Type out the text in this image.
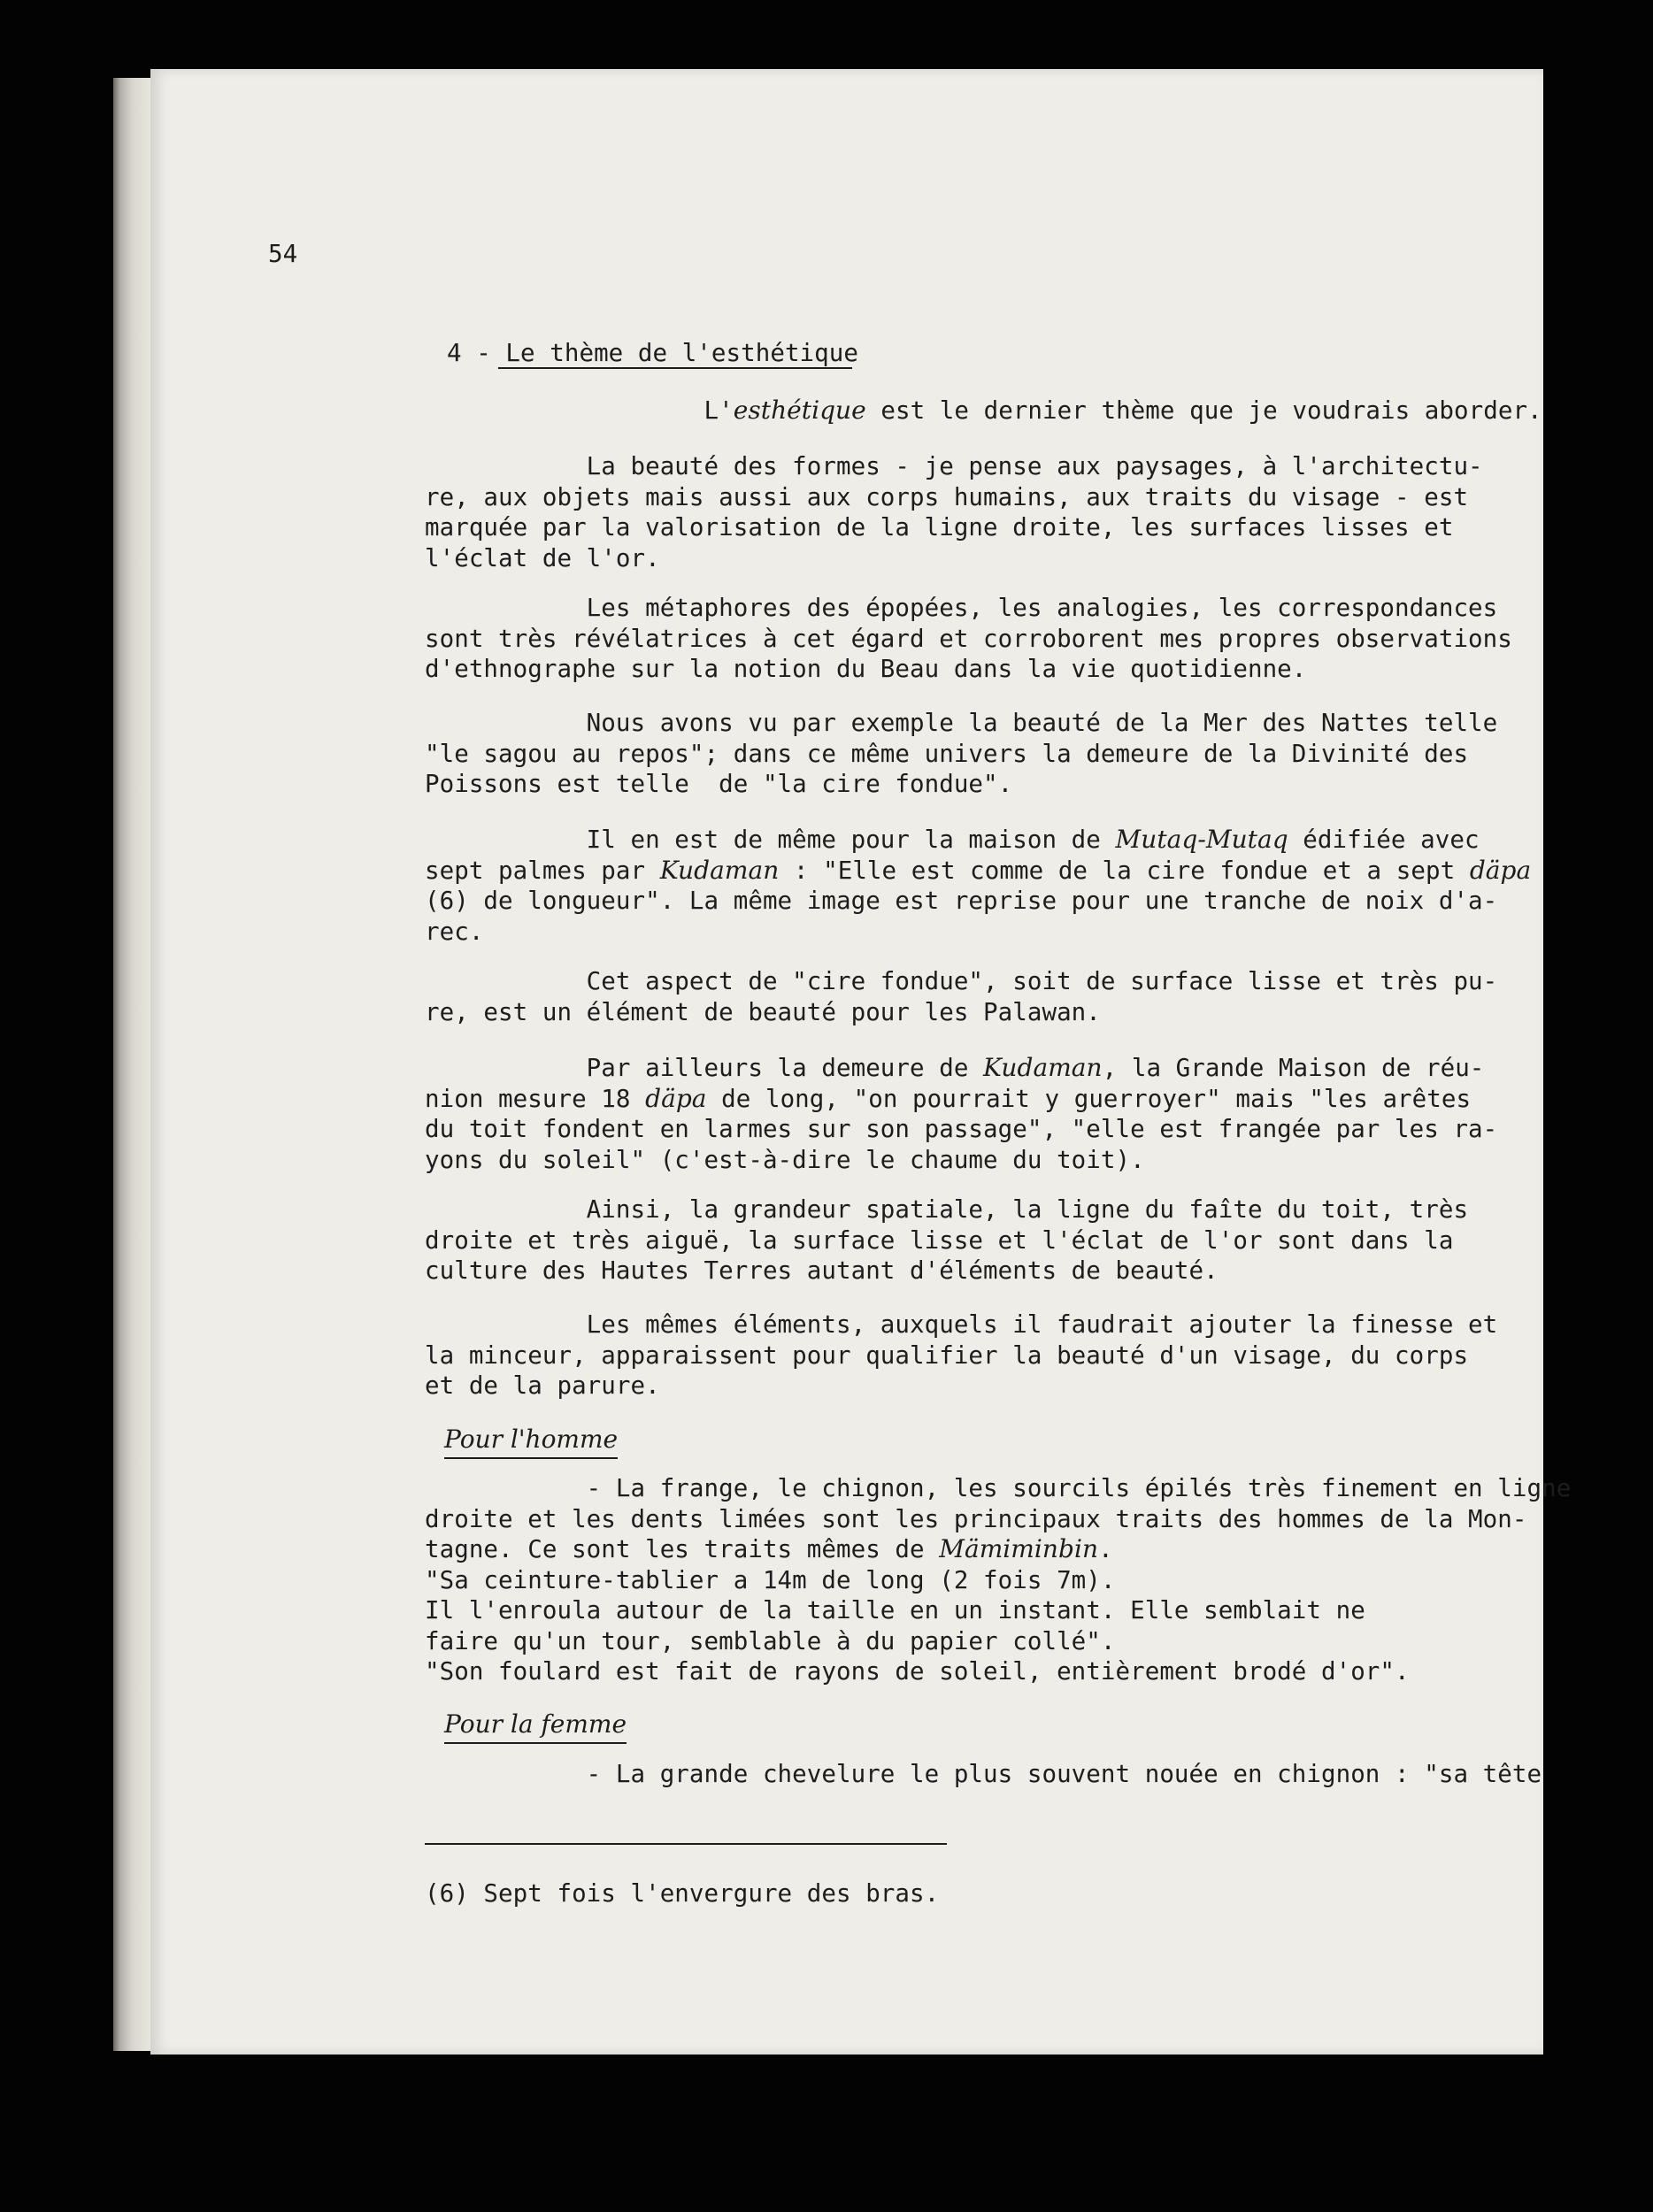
54
4 - Le thème de l'esthétique
L'esthétique est le dernier thème que je voudrais aborder.
La beauté des formes - je pense aux paysages, à l'architectu-
re, aux objets mais aussi aux corps humains, aux traits du visage - est
marquée par la valorisation de la ligne droite, les surfaces lisses et
l'éclat de l'or.
Les métaphores des épopées, les analogies, les correspondances
sont très révélatrices à cet égard et corroborent mes propres observations
d'ethnographe sur la notion du Beau dans la vie quotidienne.
Nous avons vu par exemple la beauté de la Mer des Nattes telle
"le sagou au repos"; dans ce même univers la demeure de la Divinité des
Poissons est telle  de "la cire fondue".
Il en est de même pour la maison de Mutaq-Mutaq édifiée avec
sept palmes par Kudaman : "Elle est comme de la cire fondue et a sept däpa
(6) de longueur". La même image est reprise pour une tranche de noix d'a-
rec.
Cet aspect de "cire fondue", soit de surface lisse et très pu-
re, est un élément de beauté pour les Palawan.
Par ailleurs la demeure de Kudaman, la Grande Maison de réu-
nion mesure 18 däpa de long, "on pourrait y guerroyer" mais "les arêtes
du toit fondent en larmes sur son passage", "elle est frangée par les ra-
yons du soleil" (c'est-à-dire le chaume du toit).
Ainsi, la grandeur spatiale, la ligne du faîte du toit, très
droite et très aiguë, la surface lisse et l'éclat de l'or sont dans la
culture des Hautes Terres autant d'éléments de beauté.
Les mêmes éléments, auxquels il faudrait ajouter la finesse et
la minceur, apparaissent pour qualifier la beauté d'un visage, du corps
et de la parure.
Pour l'homme
- La frange, le chignon, les sourcils épilés très finement en ligne
droite et les dents limées sont les principaux traits des hommes de la Mon-
tagne. Ce sont les traits mêmes de Mämiminbin.
"Sa ceinture-tablier a 14m de long (2 fois 7m).
Il l'enroula autour de la taille en un instant. Elle semblait ne
faire qu'un tour, semblable à du papier collé".
"Son foulard est fait de rayons de soleil, entièrement brodé d'or".
Pour la femme
- La grande chevelure le plus souvent nouée en chignon : "sa tête
(6) Sept fois l'envergure des bras.
